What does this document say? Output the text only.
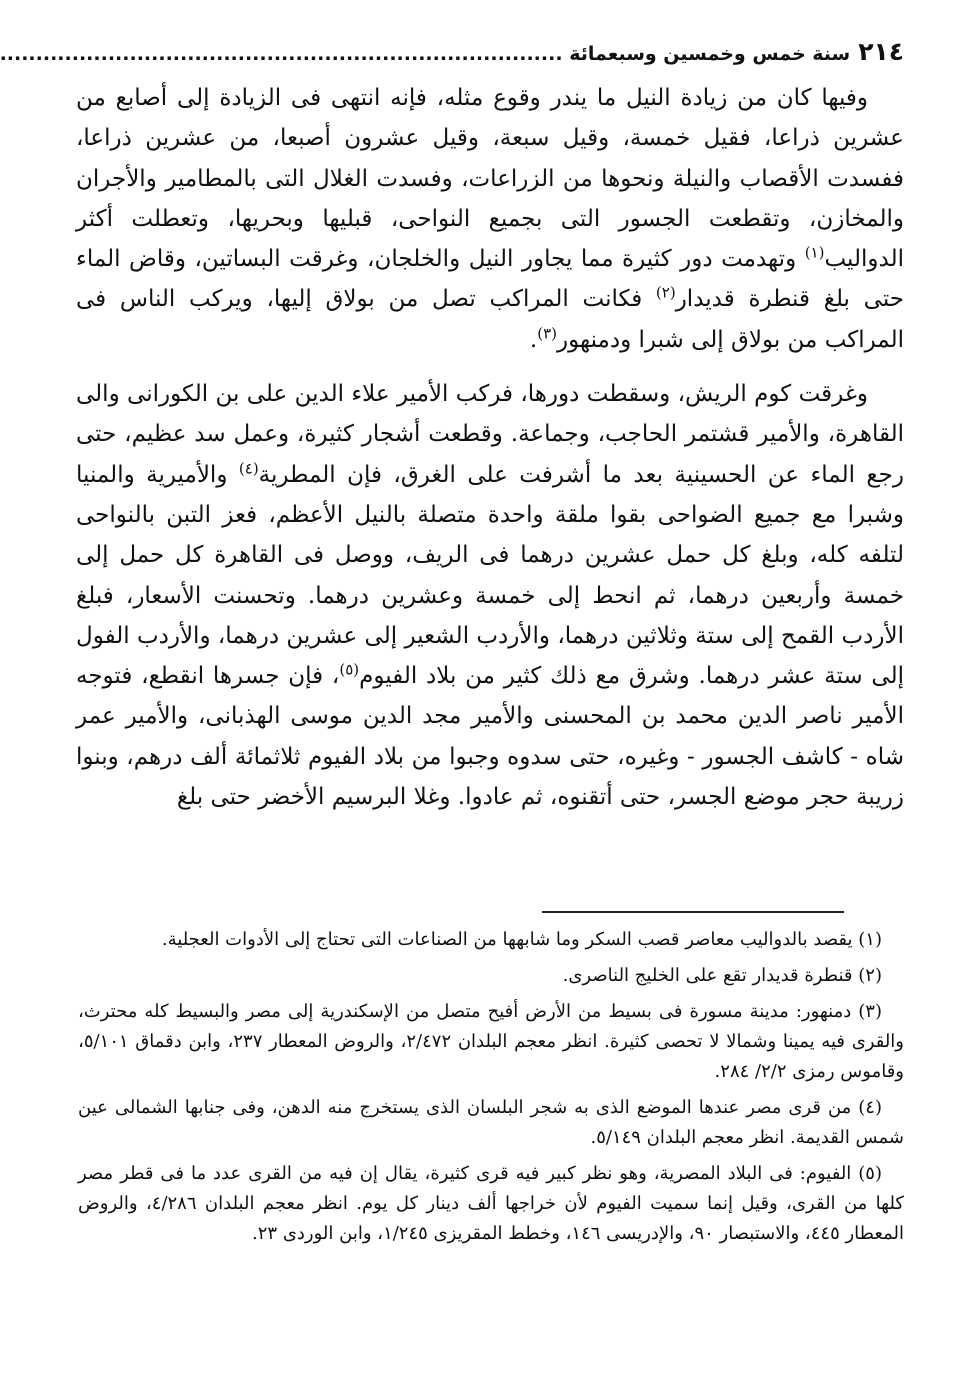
٢١٤
سنة خمس وخمسين وسبعمائة ..............................................................................

وفيها كان من زيادة النيل ما يندر وقوع مثله، فإنه انتهى فى الزيادة إلى أصابع من عشرين ذراعا، فقيل خمسة، وقيل سبعة، وقيل عشرون أصبعا، من عشرين ذراعا، ففسدت الأقصاب والنيلة ونحوها من الزراعات، وفسدت الغلال التى بالمطامير والأجران والمخازن، وتقطعت الجسور التى بجميع النواحى، قبليها وبحريها، وتعطلت أكثر الدواليب$^{(١)}$ وتهدمت دور كثيرة مما يجاور النيل والخلجان، وغرقت البساتين، وقاض الماء حتى بلغ قنطرة قديدار$^{(٢)}$ فكانت المراكب تصل من بولاق إليها، ويركب الناس فى المراكب من بولاق إلى شبرا ودمنهور$^{(٣)}$.

وغرقت كوم الريش، وسقطت دورها، فركب الأمير علاء الدين على بن الكورانى والى القاهرة، والأمير قشتمر الحاجب، وجماعة. وقطعت أشجار كثيرة، وعمل سد عظيم، حتى رجع الماء عن الحسينية بعد ما أشرفت على الغرق، فإن المطرية$^{(٤)}$ والأميرية والمنيا وشبرا مع جميع الضواحى بقوا ملقة واحدة متصلة بالنيل الأعظم، فعز التبن بالنواحى لتلفه كله، وبلغ كل حمل عشرين درهما فى الريف، ووصل فى القاهرة كل حمل إلى خمسة وأربعين درهما، ثم انحط إلى خمسة وعشرين درهما. وتحسنت الأسعار، فبلغ الأردب القمح إلى ستة وثلاثين درهما، والأردب الشعير إلى عشرين درهما، والأردب الفول إلى ستة عشر درهما. وشرق مع ذلك كثير من بلاد الفيوم$^{(٥)}$، فإن جسرها انقطع، فتوجه الأمير ناصر الدين محمد بن المحسنى والأمير مجد الدين موسى الهذبانى، والأمير عمر شاه - كاشف الجسور - وغيره، حتى سدوه وجبوا من بلاد الفيوم ثلاثمائة ألف درهم، وبنوا زريبة حجر موضع الجسر، حتى أتقنوه، ثم عادوا. وغلا البرسيم الأخضر حتى بلغ

(١) يقصد بالدواليب معاصر قصب السكر وما شابهها من الصناعات التى تحتاج إلى الأدوات العجلية.

(٢) قنطرة قديدار تقع على الخليج الناصرى.

(٣) دمنهور: مدينة مسورة فى بسيط من الأرض أفيح متصل من الإسكندرية إلى مصر والبسيط كله محترث، والقرى فيه يمينا وشمالا لا تحصى كثيرة. انظر معجم البلدان ٢/٤٧٢، والروض المعطار ٢٣٧، وابن دقماق ٥/١٠١، وقاموس رمزى ٢/٢/ ٢٨٤.

(٤) من قرى مصر عندها الموضع الذى به شجر البلسان الذى يستخرج منه الدهن، وفى جنابها الشمالى عين شمس القديمة. انظر معجم البلدان ٥/١٤٩.

(٥) الفيوم: فى البلاد المصرية، وهو نظر كبير فيه قرى كثيرة، يقال إن فيه من القرى عدد ما فى قطر مصر كلها من القرى، وقيل إنما سميت الفيوم لأن خراجها ألف دينار كل يوم. انظر معجم البلدان ٤/٢٨٦، والروض المعطار ٤٤٥، والاستبصار ٩٠، والإدريسى ١٤٦، وخطط المقريزى ١/٢٤٥، وابن الوردى ٢٣.
